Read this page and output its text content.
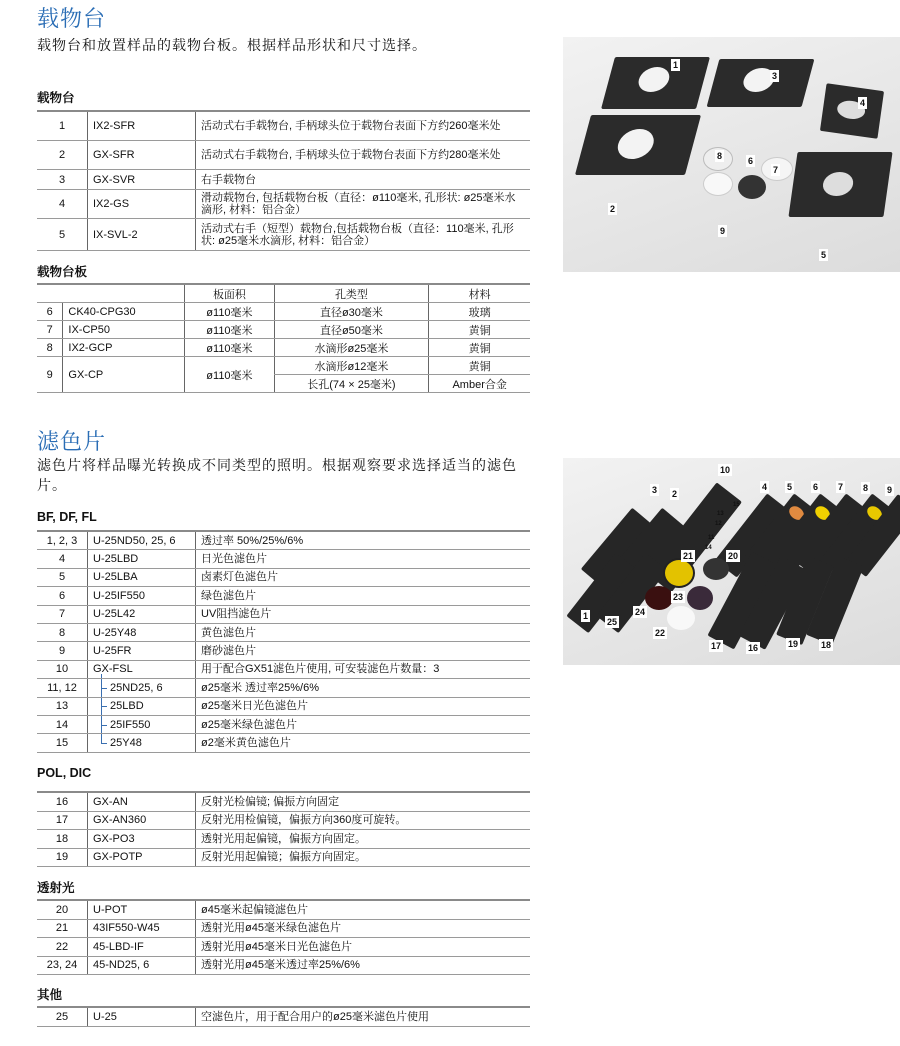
载物台
载物台和放置样品的载物台板。根据样品形状和尺寸选择。
载物台
1	IX2-SFR	活动式右手载物台, 手柄球头位于载物台表面下方约260毫米处
2	GX-SFR	活动式右手载物台, 手柄球头位于载物台表面下方约280毫米处
3	GX-SVR	右手载物台
4	IX2-GS	滑动载物台, 包括载物台板（直径：ø110毫米, 孔形状: ø25毫米水滴形, 材料：铝合金）
5	IX-SVL-2	活动式右手（短型）载物台,包括载物台板（直径：110毫米, 孔形状: ø25毫米水滴形, 材料：铝合金）
载物台板
		板面积	孔类型	材料
6	CK40-CPG30	ø110毫米	直径ø30毫米	玻璃
7	IX-CP50	ø110毫米	直径ø50毫米	黄铜
8	IX2-GCP	ø110毫米	水滴形ø25毫米	黄铜
9	GX-CP	ø110毫米	水滴形ø12毫米	黄铜
			长孔(74 × 25毫米)	Amber合金
1
2
3
4
5
6
7
8
9
滤色片
滤色片将样品曝光转换成不同类型的照明。根据观察要求选择适当的滤色片。
BF, DF, FL
1, 2, 3	U-25ND50, 25, 6	透过率 50%/25%/6%
4	U-25LBD	日光色滤色片
5	U-25LBA	卤素灯色滤色片
6	U-25IF550	绿色滤色片
7	U-25L42	UV阻挡滤色片
8	U-25Y48	黄色滤色片
9	U-25FR	磨砂滤色片
10	GX-FSL	用于配合GX51滤色片使用, 可安装滤色片数量：3
11, 12	25ND25, 6	ø25毫米 透过率25%/6%
13	25LBD	ø25毫米日光色滤色片
14	25IF550	ø25毫米绿色滤色片
15	25Y48	ø2毫米黄色滤色片
POL, DIC
16	GX-AN	反射光检偏镜; 偏振方向固定
17	GX-AN360	反射光用检偏镜，偏振方向360度可旋转。
18	GX-PO3	透射光用起偏镜，偏振方向固定。
19	GX-POTP	反射光用起偏镜；偏振方向固定。
透射光
20	U-POT	ø45毫米起偏镜滤色片
21	43IF550-W45	透射光用ø45毫米绿色滤色片
22	45-LBD-IF	透射光用ø45毫米日光色滤色片
23, 24	45-ND25, 6	透射光用ø45毫米透过率25%/6%
其他
25	U-25	空滤色片，用于配合用户的ø25毫米滤色片使用
1
2
3	4 5 6 7 8 9
10
11
12
13
14
15
16
17	18
19
20
21
22
23
24
25
